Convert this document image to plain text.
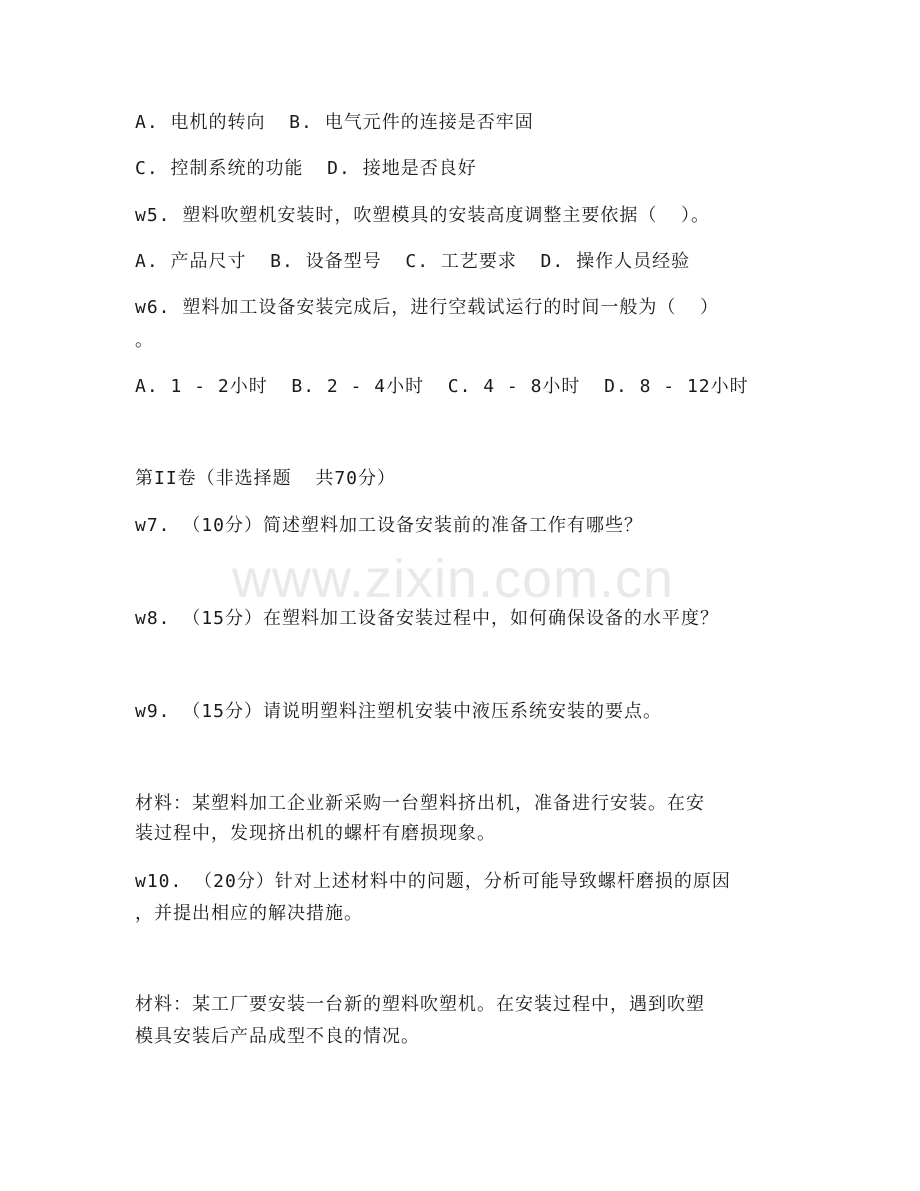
www.zixin.com.cn
A. 电机的转向  B. 电气元件的连接是否牢固
C. 控制系统的功能  D. 接地是否良好
w5. 塑料吹塑机安装时，吹塑模具的安装高度调整主要依据（  ）。
A. 产品尺寸  B. 设备型号  C. 工艺要求  D. 操作人员经验
w6. 塑料加工设备安装完成后，进行空载试运行的时间一般为（  ）
。
A. 1 - 2小时  B. 2 - 4小时  C. 4 - 8小时  D. 8 - 12小时
第II卷（非选择题  共70分）
w7. （10分）简述塑料加工设备安装前的准备工作有哪些？
w8. （15分）在塑料加工设备安装过程中，如何确保设备的水平度？
w9. （15分）请说明塑料注塑机安装中液压系统安装的要点。
材料：某塑料加工企业新采购一台塑料挤出机，准备进行安装。在安
装过程中，发现挤出机的螺杆有磨损现象。
w10. （20分）针对上述材料中的问题，分析可能导致螺杆磨损的原因
，并提出相应的解决措施。
材料：某工厂要安装一台新的塑料吹塑机。在安装过程中，遇到吹塑
模具安装后产品成型不良的情况。
